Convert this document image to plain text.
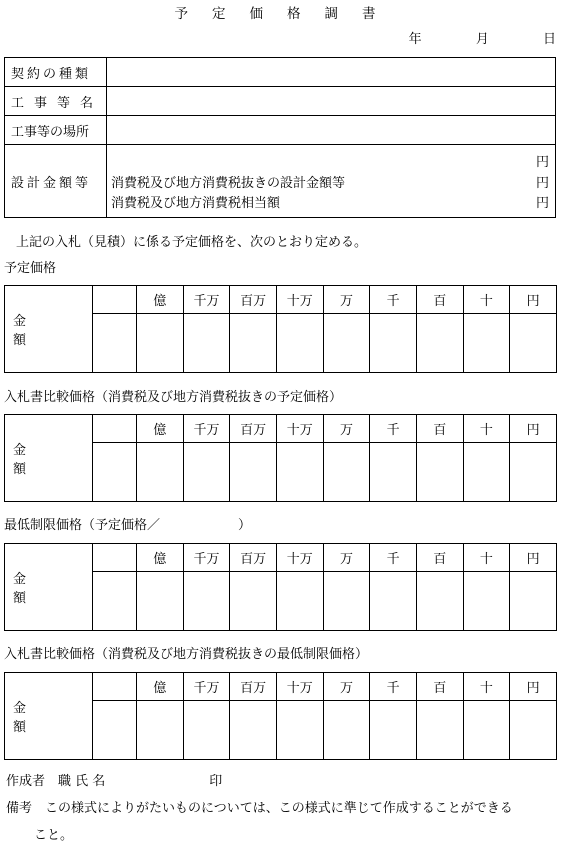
予定価格調書
年	月	日
契約の種類	
工事等名	
工事等の場所	
設計金額等	円
消費税及び地方消費税抜きの設計金額等 円
消費税及び地方消費税相当額 円
上記の入札（見積）に係る予定価格を、次のとおり定める。
予定価格
金額		億	千万	百万	十万	万	千	百	十	円

入札書比較価格（消費税及び地方消費税抜きの予定価格）
金額		億	千万	百万	十万	万	千	百	十	円

最低制限価格（予定価格／　　　　　　）
金額		億	千万	百万	十万	万	千	百	十	円

入札書比較価格（消費税及び地方消費税抜きの最低制限価格）
金額		億	千万	百万	十万	万	千	百	十	円

作成者　職 氏 名　　　　　　　　印
備考　この様式によりがたいものについては、この様式に準じて作成することができる
こと。
